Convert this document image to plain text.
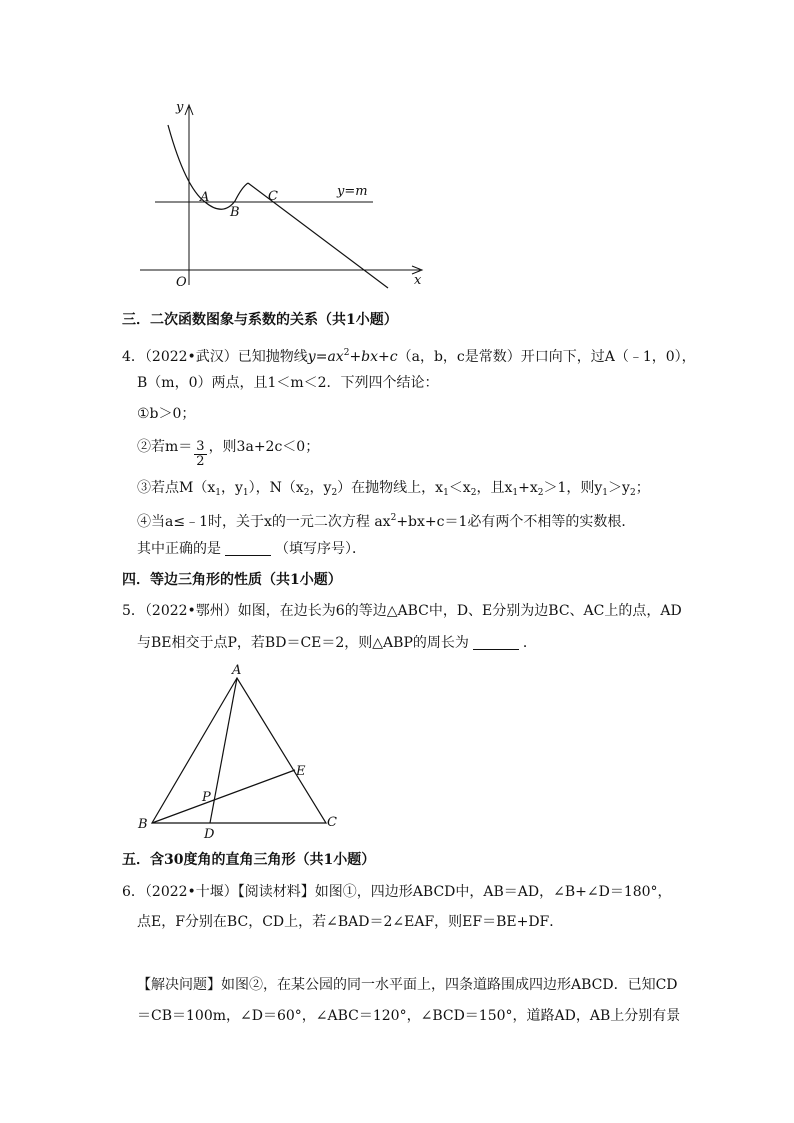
y
O	x
A
B
C	y=m
三．二次函数图象与系数的关系（共1小题）
4．（2022•武汉）已知抛物线$y=ax^2+bx+c(a$，b，c是常数）开口向下，过A（﹣1，0），
B（m，0）两点，且1＜m＜2．下列四个结论：
①b＞0；
②若$m= \frac{3}{2}$ ，则3a+2c＜0；
③若点$M(x_1$，$y_1$），$N(x_2$，$y_2$）在抛物线上，$x_1<x_2$，且$x_1+x_2>1$，则$y_1>y_2$；
④当a≤﹣1时，关于x的一元二次方程 $ax^2+bx+c=1$必有两个不相等的实数根．
其中正确的是	（填写序号）．
四．等边三角形的性质（共1小题）
5．（2022•鄂州）如图，在边长为6的等边△ABC中，D、E分别为边BC、AC上的点，AD
与BE相交于点P，若BD＝CE＝2，则△ABP的周长为	．
A
B	C
D
E
P
五．含30度角的直角三角形（共1小题）
6．（2022•十堰）【阅读材料】如图①，四边形ABCD中，AB＝AD，∠B+∠D＝180°，
点E，F分别在BC，CD上，若∠BAD＝2∠EAF，则EF＝BE+DF．
【解决问题】如图②，在某公园的同一水平面上，四条道路围成四边形ABCD．已知CD
＝CB＝100m，∠D＝60°，∠ABC＝120°，∠BCD＝150°，道路AD，AB上分别有景
